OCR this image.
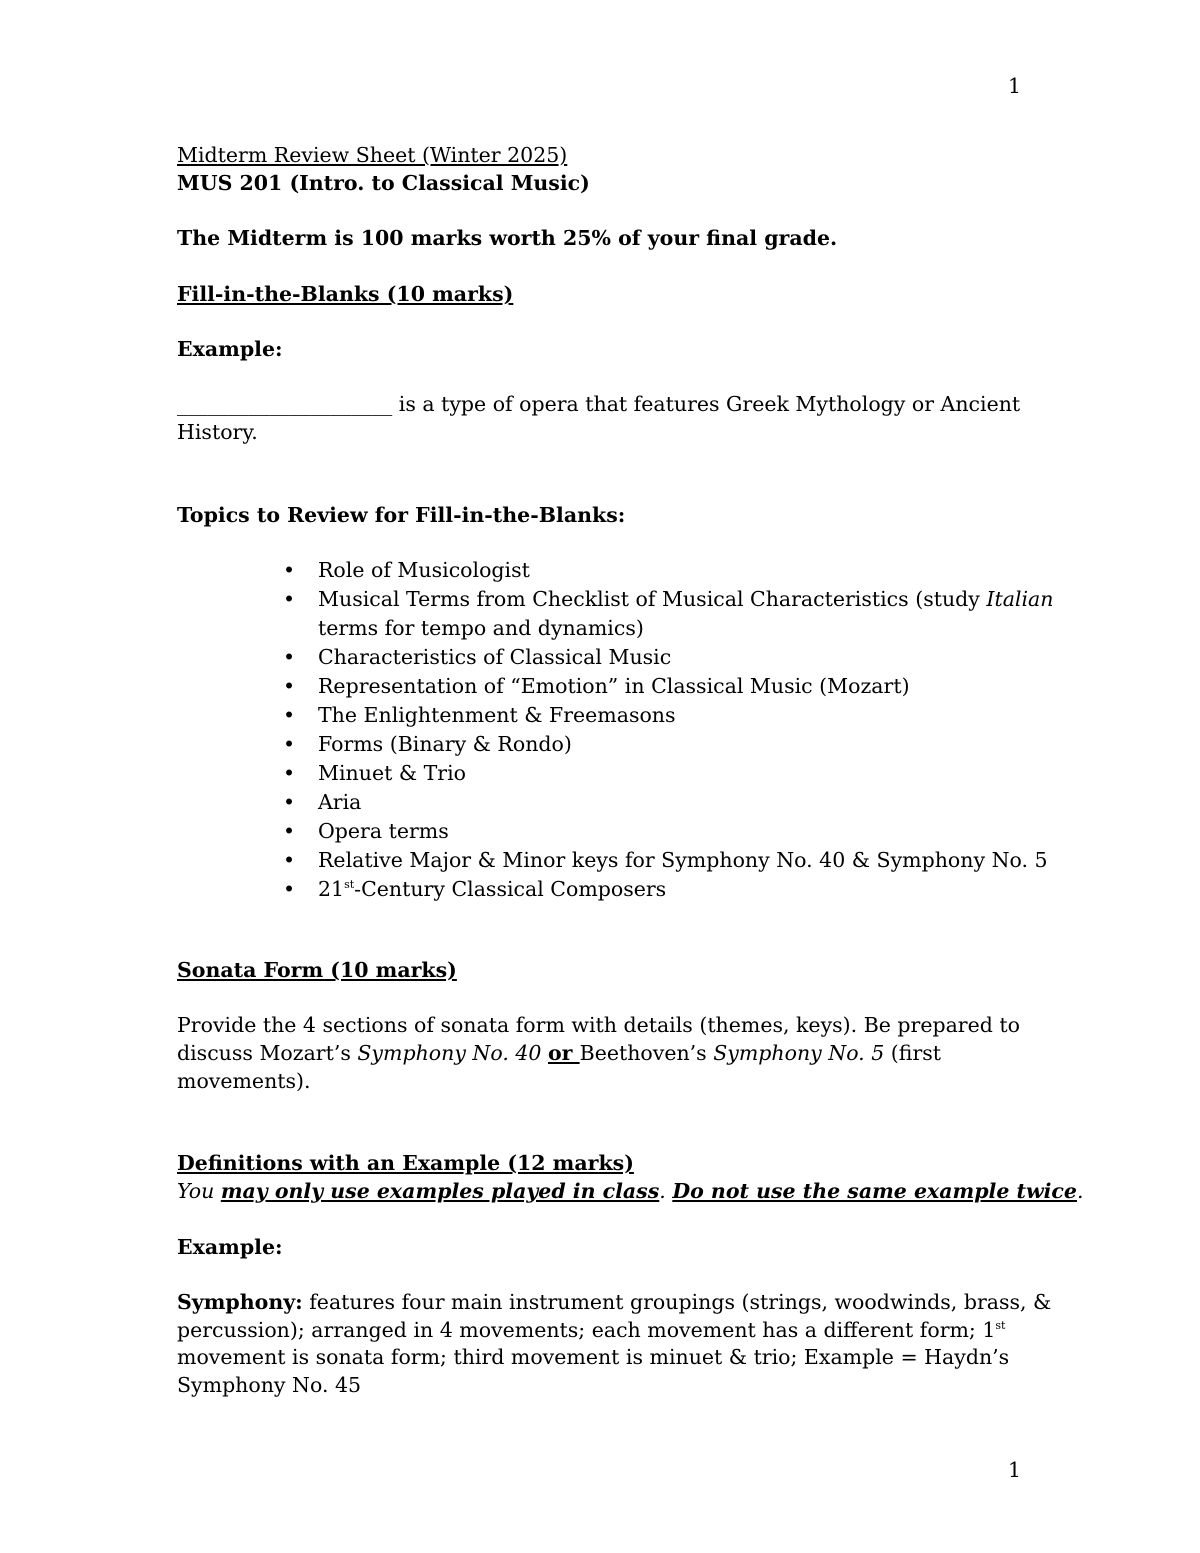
1

Midterm Review Sheet (Winter 2025)

MUS 201 (Intro. to Classical Music)

The Midterm is 100 marks worth 25% of your final grade.

Fill-in-the-Blanks (10 marks)

Example:

_____________________ is a type of opera that features Greek Mythology or Ancient

History.

Topics to Review for Fill-in-the-Blanks:

•	Role of Musicologist
•	Musical Terms from Checklist of Musical Characteristics (study Italian
terms for tempo and dynamics)
•	Characteristics of Classical Music
•	Representation of “Emotion” in Classical Music (Mozart)
•	The Enlightenment & Freemasons
•	Forms (Binary & Rondo)
•	Minuet & Trio
•	Aria
•	Opera terms
•	Relative Major & Minor keys for Symphony No. 40 & Symphony No. 5
•	21st-Century Classical Composers

Sonata Form (10 marks)

Provide the 4 sections of sonata form with details (themes, keys). Be prepared to

discuss Mozart’s Symphony No. 40 or Beethoven’s Symphony No. 5 (first

movements).

Definitions with an Example (12 marks)

You may only use examples played in class. Do not use the same example twice.

Example:

Symphony: features four main instrument groupings (strings, woodwinds, brass, &

percussion); arranged in 4 movements; each movement has a different form; 1st

movement is sonata form; third movement is minuet & trio; Example = Haydn’s

Symphony No. 45

1
